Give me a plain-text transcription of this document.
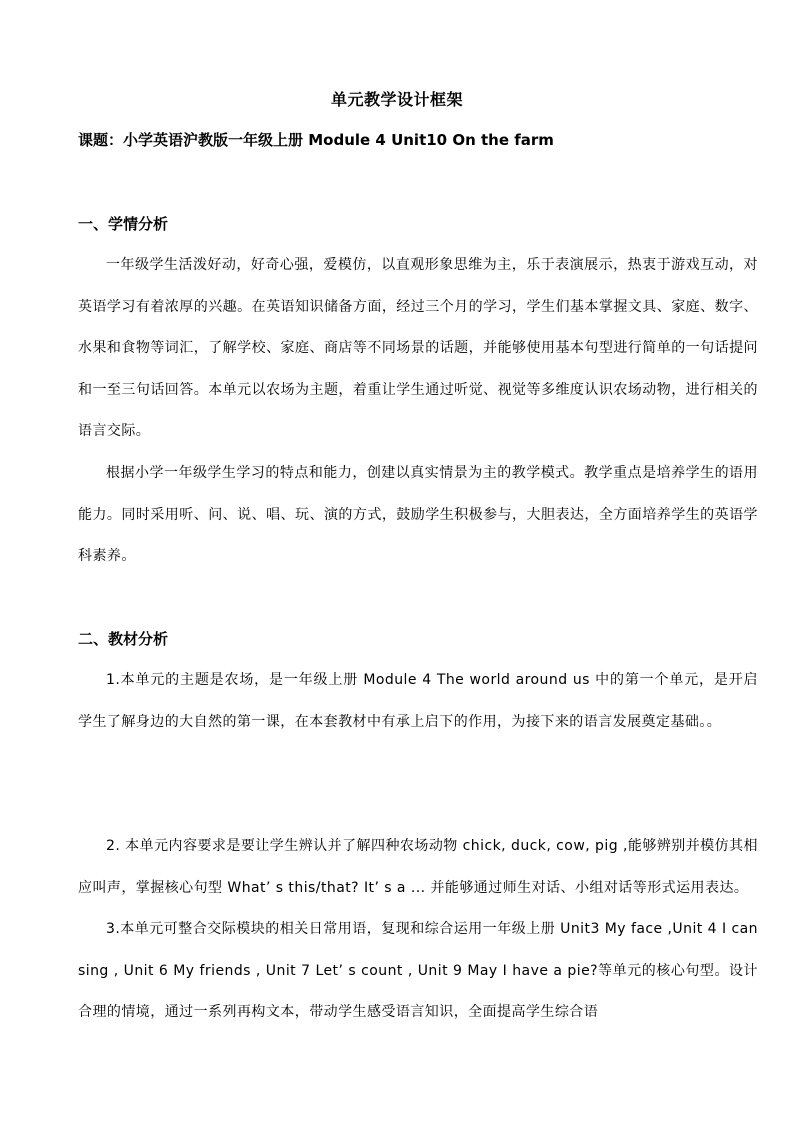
单元教学设计框架
课题：小学英语沪教版一年级上册 Module 4 Unit10 On the farm
一、学情分析

一年级学生活泼好动，好奇心强，爱模仿，以直观形象思维为主，乐于表演展示，热衷于游戏互动，对英语学习有着浓厚的兴趣。在英语知识储备方面，经过三个月的学习，学生们基本掌握文具、家庭、数字、水果和食物等词汇，了解学校、家庭、商店等不同场景的话题，并能够使用基本句型进行简单的一句话提问和一至三句话回答。本单元以农场为主题，着重让学生通过听觉、视觉等多维度认识农场动物，进行相关的语言交际。

根据小学一年级学生学习的特点和能力，创建以真实情景为主的教学模式。教学重点是培养学生的语用能力。同时采用听、问、说、唱、玩、演的方式，鼓励学生积极参与，大胆表达，全方面培养学生的英语学科素养。

二、教材分析

1.本单元的主题是农场，是一年级上册 Module 4 The world around us 中的第一个单元，是开启学生了解身边的大自然的第一课，在本套教材中有承上启下的作用，为接下来的语言发展奠定基础。。

2. 本单元内容要求是要让学生辨认并了解四种农场动物 chick, duck, cow, pig ,能够辨别并模仿其相应叫声，掌握核心句型 What’ s this/that? It’ s a ... 并能够通过师生对话、小组对话等形式运用表达。

3.本单元可整合交际模块的相关日常用语，复现和综合运用一年级上册 Unit3 My face ,Unit 4 I can sing , Unit 6 My friends , Unit 7 Let’ s count , Unit 9 May I have a pie?等单元的核心句型。设计合理的情境，通过一系列再构文本，带动学生感受语言知识，全面提高学生综合语
